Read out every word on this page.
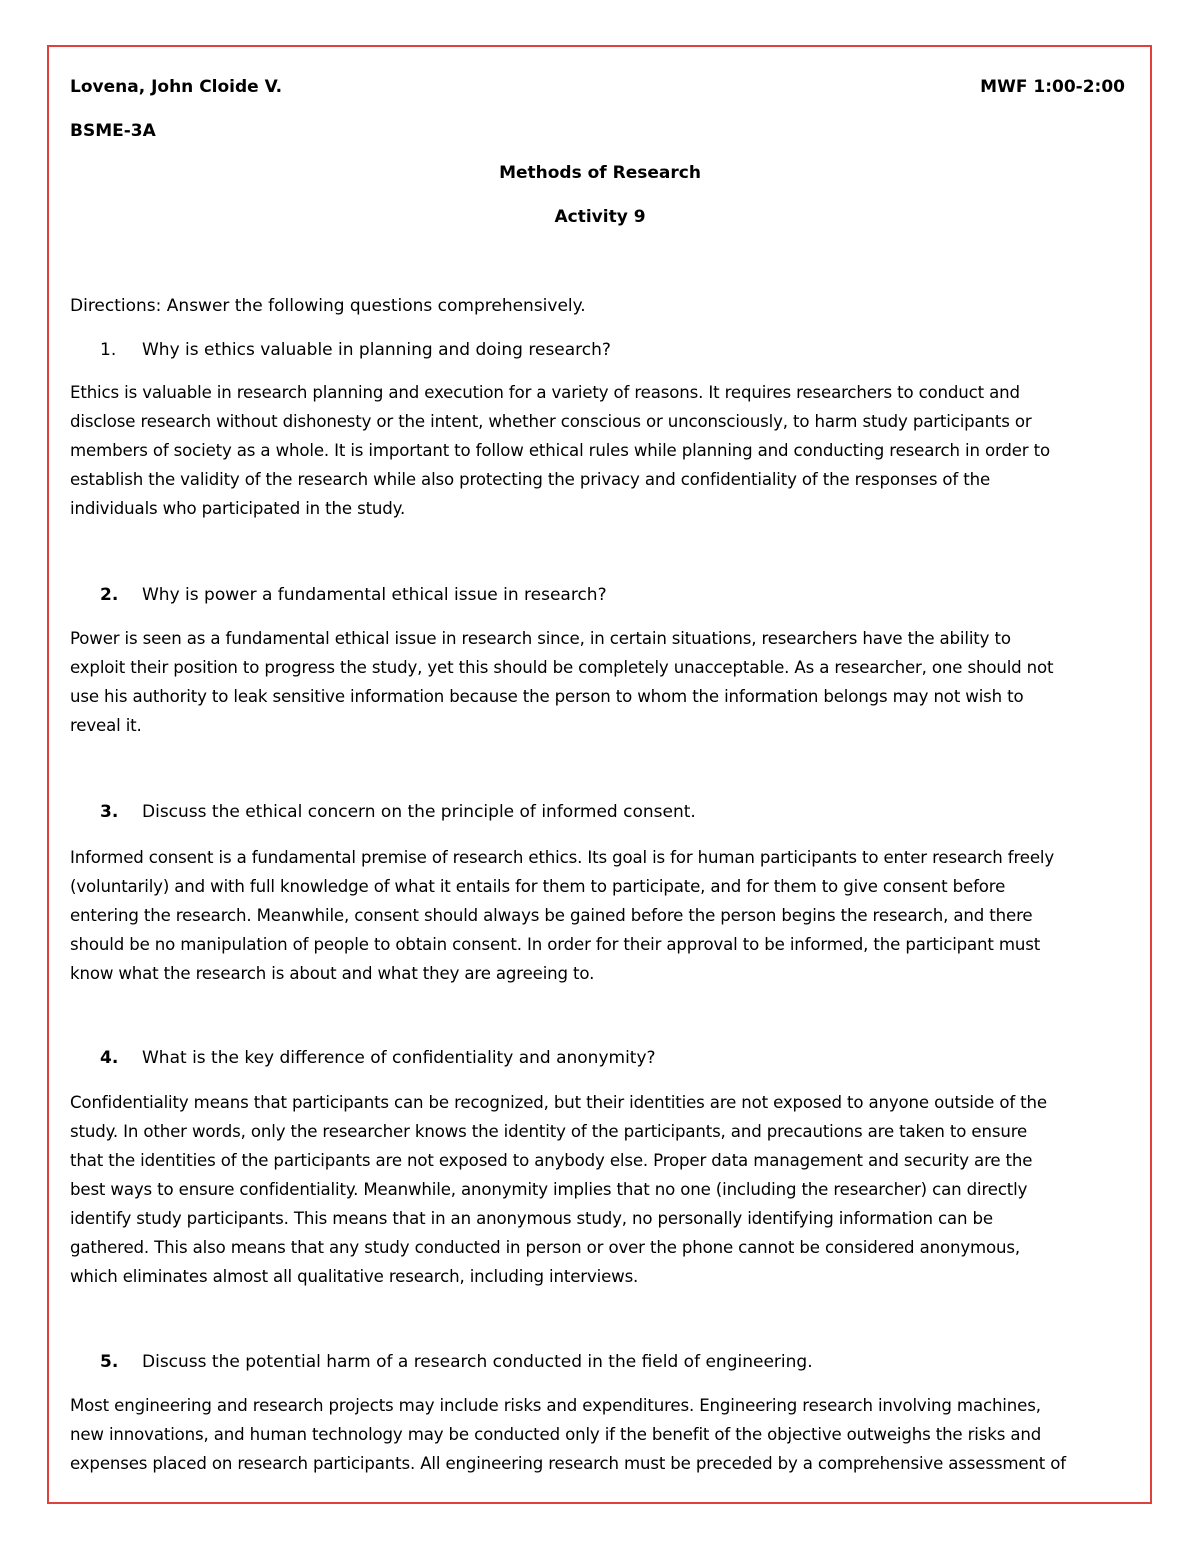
Lovena, John Cloide V.	MWF 1:00-2:00
BSME-3A
Methods of Research
Activity 9
Directions: Answer the following questions comprehensively.
1. Why is ethics valuable in planning and doing research?
Ethics is valuable in research planning and execution for a variety of reasons. It requires researchers to conduct and
disclose research without dishonesty or the intent, whether conscious or unconsciously, to harm study participants or
members of society as a whole. It is important to follow ethical rules while planning and conducting research in order to
establish the validity of the research while also protecting the privacy and confidentiality of the responses of the
individuals who participated in the study.
2. Why is power a fundamental ethical issue in research?
Power is seen as a fundamental ethical issue in research since, in certain situations, researchers have the ability to
exploit their position to progress the study, yet this should be completely unacceptable. As a researcher, one should not
use his authority to leak sensitive information because the person to whom the information belongs may not wish to
reveal it.
3. Discuss the ethical concern on the principle of informed consent.
Informed consent is a fundamental premise of research ethics. Its goal is for human participants to enter research freely
(voluntarily) and with full knowledge of what it entails for them to participate, and for them to give consent before
entering the research. Meanwhile, consent should always be gained before the person begins the research, and there
should be no manipulation of people to obtain consent. In order for their approval to be informed, the participant must
know what the research is about and what they are agreeing to.
4. What is the key difference of confidentiality and anonymity?
Confidentiality means that participants can be recognized, but their identities are not exposed to anyone outside of the
study. In other words, only the researcher knows the identity of the participants, and precautions are taken to ensure
that the identities of the participants are not exposed to anybody else. Proper data management and security are the
best ways to ensure confidentiality. Meanwhile, anonymity implies that no one (including the researcher) can directly
identify study participants. This means that in an anonymous study, no personally identifying information can be
gathered. This also means that any study conducted in person or over the phone cannot be considered anonymous,
which eliminates almost all qualitative research, including interviews.
5. Discuss the potential harm of a research conducted in the field of engineering.
Most engineering and research projects may include risks and expenditures. Engineering research involving machines,
new innovations, and human technology may be conducted only if the benefit of the objective outweighs the risks and
expenses placed on research participants. All engineering research must be preceded by a comprehensive assessment of
